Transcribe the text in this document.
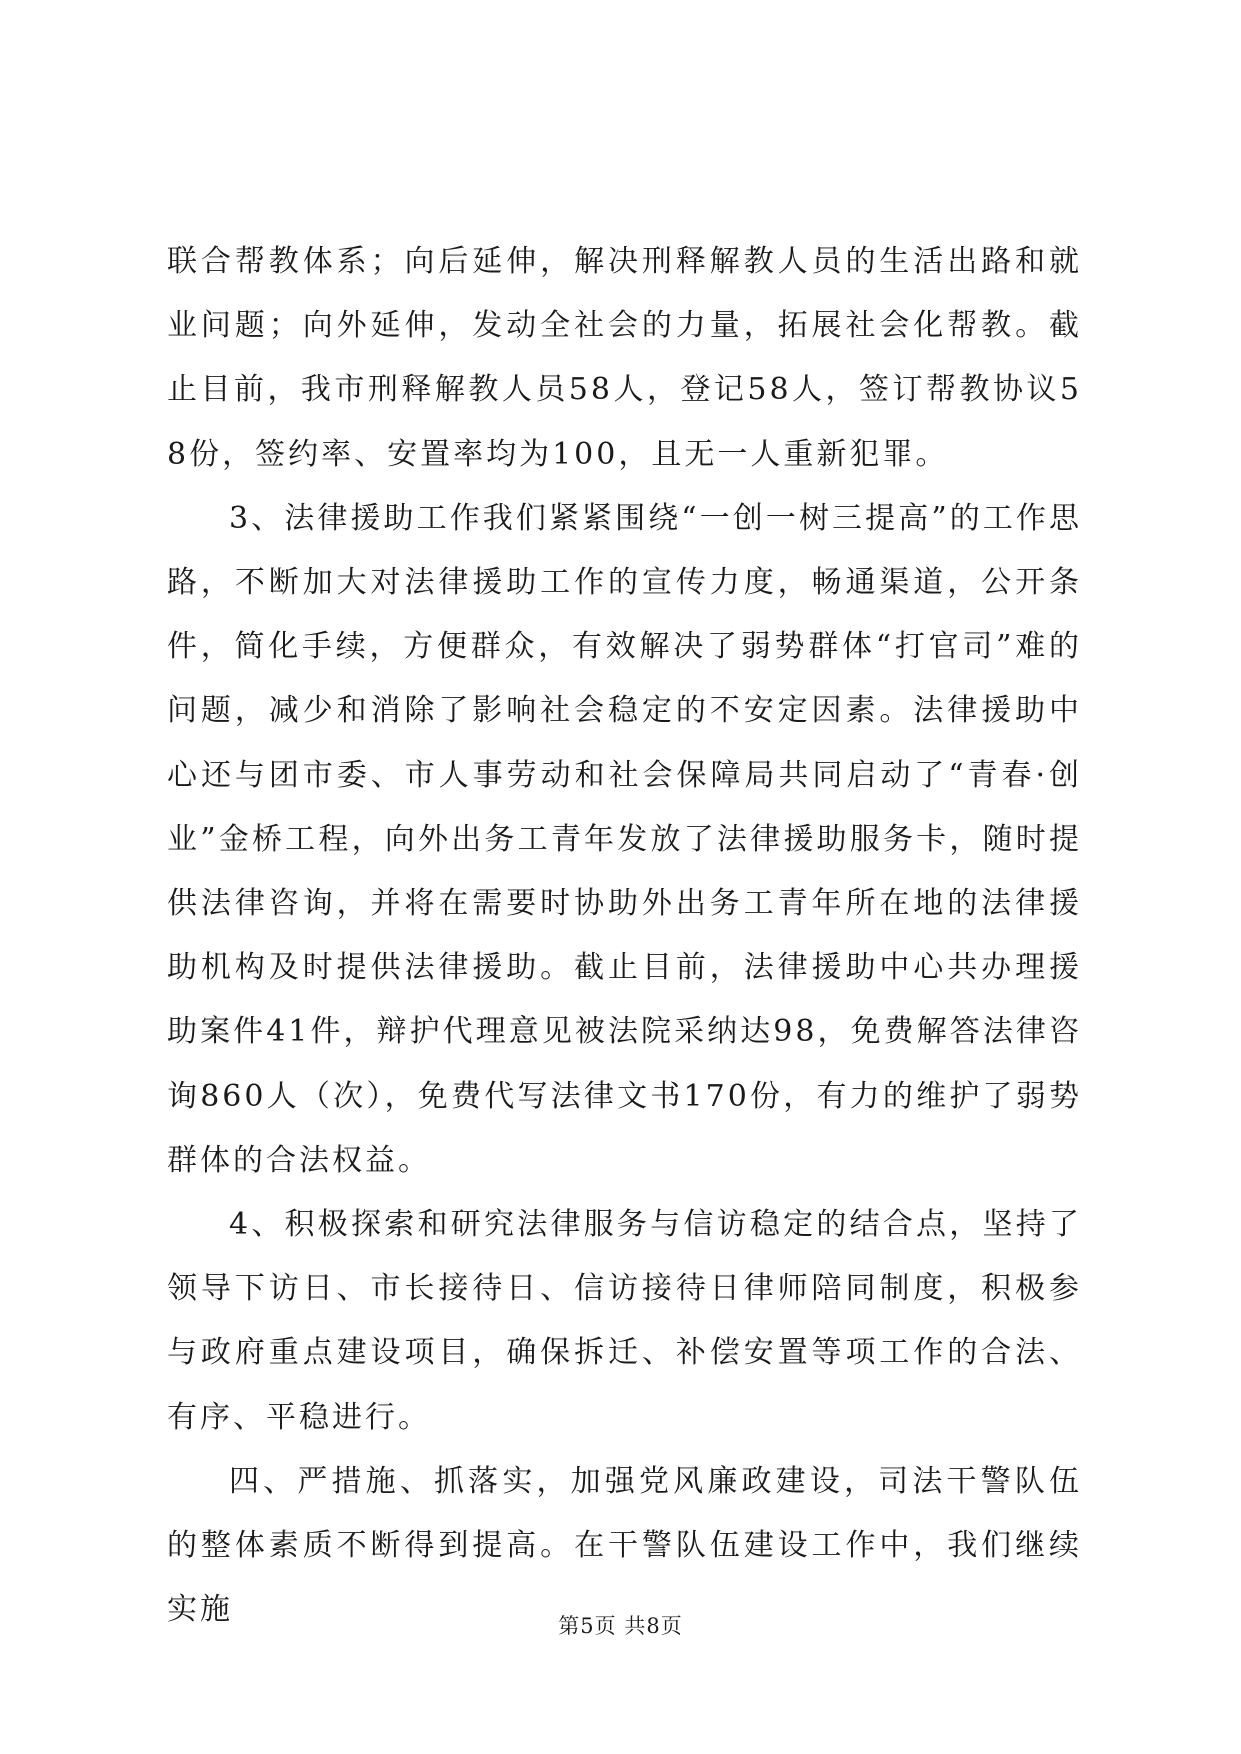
联合帮教体系；向后延伸，解决刑释解教人员的生活出路和就业问题；向外延伸，发动全社会的力量，拓展社会化帮教。截止目前，我市刑释解教人员58人，登记58人，签订帮教协议58份，签约率、安置率均为100，且无一人重新犯罪。

3、法律援助工作我们紧紧围绕“一创一树三提高”的工作思路，不断加大对法律援助工作的宣传力度，畅通渠道，公开条件，简化手续，方便群众，有效解决了弱势群体“打官司”难的问题，减少和消除了影响社会稳定的不安定因素。法律援助中心还与团市委、市人事劳动和社会保障局共同启动了“青春·创业”金桥工程，向外出务工青年发放了法律援助服务卡，随时提供法律咨询，并将在需要时协助外出务工青年所在地的法律援助机构及时提供法律援助。截止目前，法律援助中心共办理援助案件41件，辩护代理意见被法院采纳达98，免费解答法律咨询860人（次），免费代写法律文书170份，有力的维护了弱势群体的合法权益。

4、积极探索和研究法律服务与信访稳定的结合点，坚持了领导下访日、市长接待日、信访接待日律师陪同制度，积极参与政府重点建设项目，确保拆迁、补偿安置等项工作的合法、有序、平稳进行。

四、严措施、抓落实，加强党风廉政建设，司法干警队伍的整体素质不断得到提高。在干警队伍建设工作中，我们继续实施	第5页 共8页
